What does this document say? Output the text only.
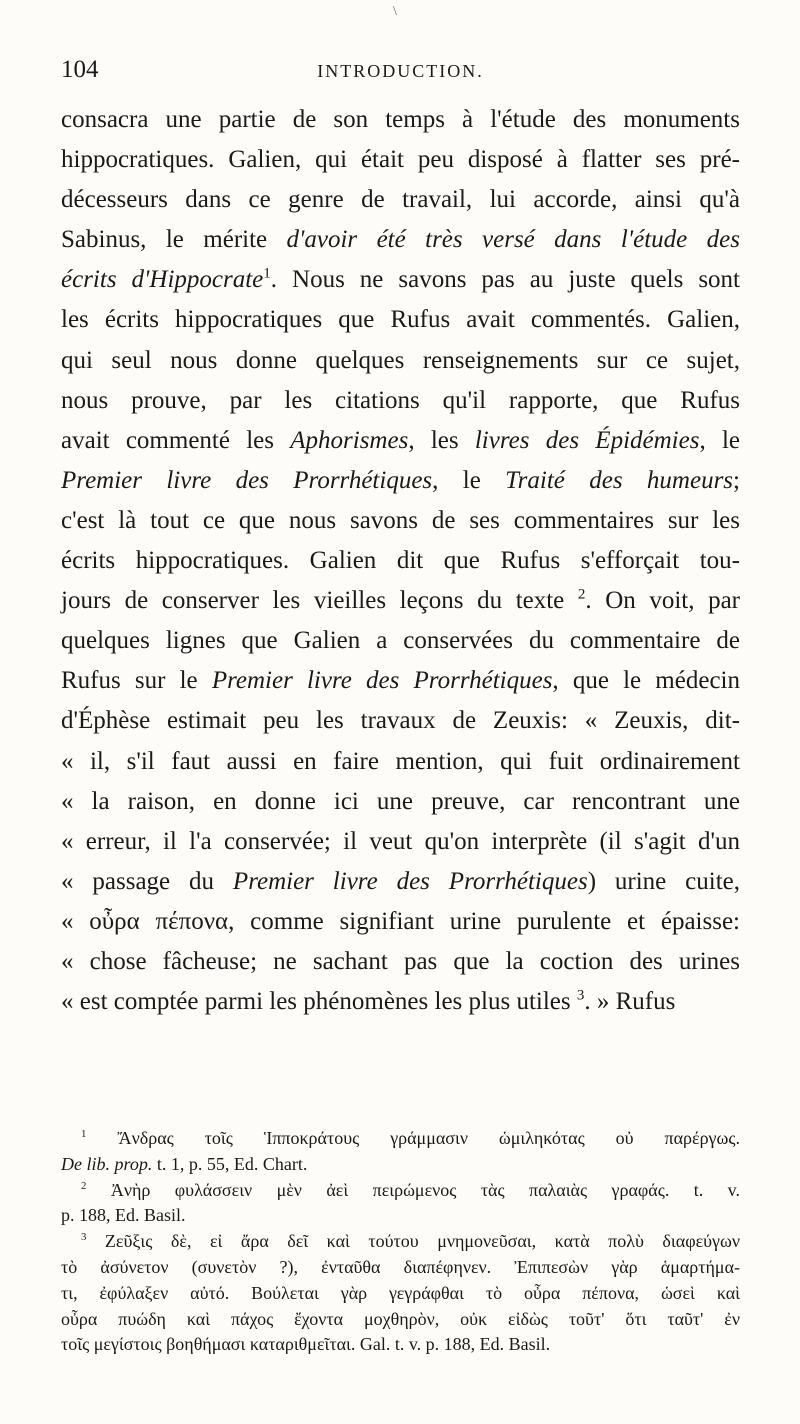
\
104	INTRODUCTION.

consacra une partie de son temps à l'étude des monuments

hippocratiques. Galien, qui était peu disposé à flatter ses pré-

décesseurs dans ce genre de travail, lui accorde, ainsi qu'à

Sabinus, le mérite d'avoir été très versé dans l'étude des

écrits d'Hippocrate$^1$. Nous ne savons pas au juste quels sont

les écrits hippocratiques que Rufus avait commentés. Galien,

qui seul nous donne quelques renseignements sur ce sujet,

nous prouve, par les citations qu'il rapporte, que Rufus

avait commenté les Aphorismes, les livres des Épidémies, le

Premier livre des Prorrhétiques, le Traité des humeurs;

c'est là tout ce que nous savons de ses commentaires sur les

écrits hippocratiques. Galien dit que Rufus s'efforçait tou-

jours de conserver les vieilles leçons du texte $^2$. On voit, par

quelques lignes que Galien a conservées du commentaire de

Rufus sur le Premier livre des Prorrhétiques, que le médecin

d'Éphèse estimait peu les travaux de Zeuxis: « Zeuxis, dit-

« il, s'il faut aussi en faire mention, qui fuit ordinairement

« la raison, en donne ici une preuve, car rencontrant une

« erreur, il l'a conservée; il veut qu'on interprète (il s'agit d'un

« passage du Premier livre des Prorrhétiques) urine cuite,

« οὖρα πέπονα, comme signifiant urine purulente et épaisse:

« chose fâcheuse; ne sachant pas que la coction des urines

« est comptée parmi les phénomènes les plus utiles $^3$. » Rufus

$^1$ Ἄνδρας τοῖς Ἱπποκράτους γράμμασιν ὡμιληκότας οὐ παρέργως.

De lib. prop. t. 1, p. 55, Ed. Chart.

$^2$ Ἀνὴρ φυλάσσειν μὲν ἀεὶ πειρώμενος τὰς παλαιὰς γραφάς. t. v.

p. 188, Ed. Basil.

$^3$ Ζεῦξις δὲ, εἰ ἄρα δεῖ καὶ τούτου μνημονεῦσαι, κατὰ πολὺ διαφεύγων

τὸ ἀσύνετον (συνετὸν ?), ἐνταῦθα διαπέφηνεν. Ἐπιπεσὼν γὰρ ἁμαρτήμα-

τι, ἐφύλαξεν αὐτό. Βούλεται γὰρ γεγράφθαι τὸ οὖρα πέπονα, ὡσεὶ καὶ

οὖρα πυώδη καὶ πάχος ἔχοντα μοχθηρὸν, οὐκ εἰδὼς τοῦτ' ὅτι ταῦτ' ἐν

τοῖς μεγίστοις βοηθήμασι καταριθμεῖται. Gal. t. v. p. 188, Ed. Basil.
